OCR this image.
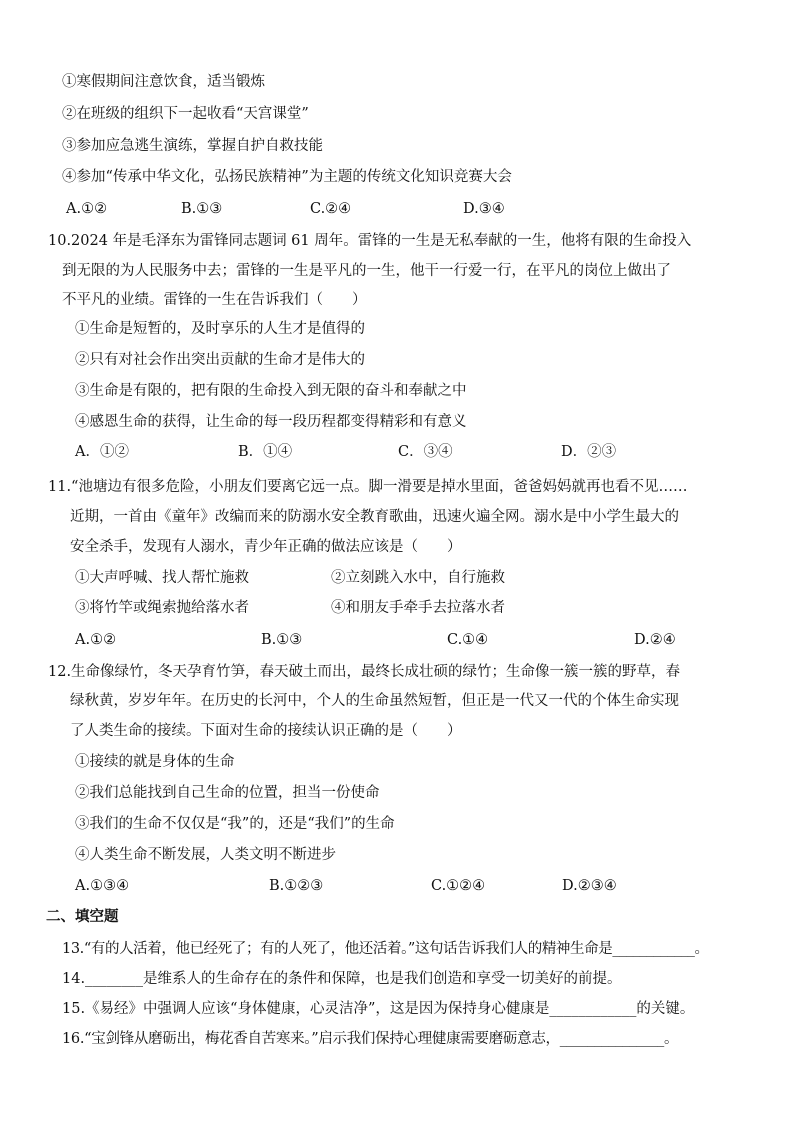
①寒假期间注意饮食，适当锻炼
②在班级的组织下一起收看“天宫课堂”
③参加应急逃生演练，掌握自护自救技能
④参加“传承中华文化，弘扬民族精神”为主题的传统文化知识竞赛大会
A.①②	B.①③	C.②④	D.③④
10.2024 年是毛泽东为雷锋同志题词 61 周年。雷锋的一生是无私奉献的一生，他将有限的生命投入
到无限的为人民服务中去；雷锋的一生是平凡的一生，他干一行爱一行，在平凡的岗位上做出了
不平凡的业绩。雷锋的一生在告诉我们（　　）
①生命是短暂的，及时享乐的人生才是值得的
②只有对社会作出突出贡献的生命才是伟大的
③生命是有限的，把有限的生命投入到无限的奋斗和奉献之中
④感恩生命的获得，让生命的每一段历程都变得精彩和有意义
A．①②	B．①④	C．③④	D．②③
11.“池塘边有很多危险，小朋友们要离它远一点。脚一滑要是掉水里面，爸爸妈妈就再也看不见……
近期，一首由《童年》改编而来的防溺水安全教育歌曲，迅速火遍全网。溺水是中小学生最大的
安全杀手，发现有人溺水，青少年正确的做法应该是（　　）
①大声呼喊、找人帮忙施救	②立刻跳入水中，自行施救
③将竹竿或绳索抛给落水者	④和朋友手牵手去拉落水者
A.①②	B.①③	C.①④	D.②④
12.生命像绿竹，冬天孕育竹笋，春天破土而出，最终长成壮硕的绿竹；生命像一簇一簇的野草，春
绿秋黄，岁岁年年。在历史的长河中，个人的生命虽然短暂，但正是一代又一代的个体生命实现
了人类生命的接续。下面对生命的接续认识正确的是（　　）
①接续的就是身体的生命
②我们总能找到自己生命的位置，担当一份使命
③我们的生命不仅仅是“我”的，还是“我们”的生命
④人类生命不断发展，人类文明不断进步
A.①③④	B.①②③	C.①②④	D.②③④
二、填空题
13.“有的人活着，他已经死了；有的人死了，他还活着。”这句话告诉我们人的精神生命是____________。
14.________是维系人的生命存在的条件和保障，也是我们创造和享受一切美好的前提。
15.《易经》中强调人应该“身体健康，心灵洁净”，这是因为保持身心健康是____________的关键。
16.“宝剑锋从磨砺出，梅花香自苦寒来。”启示我们保持心理健康需要磨砺意志，_______________。
